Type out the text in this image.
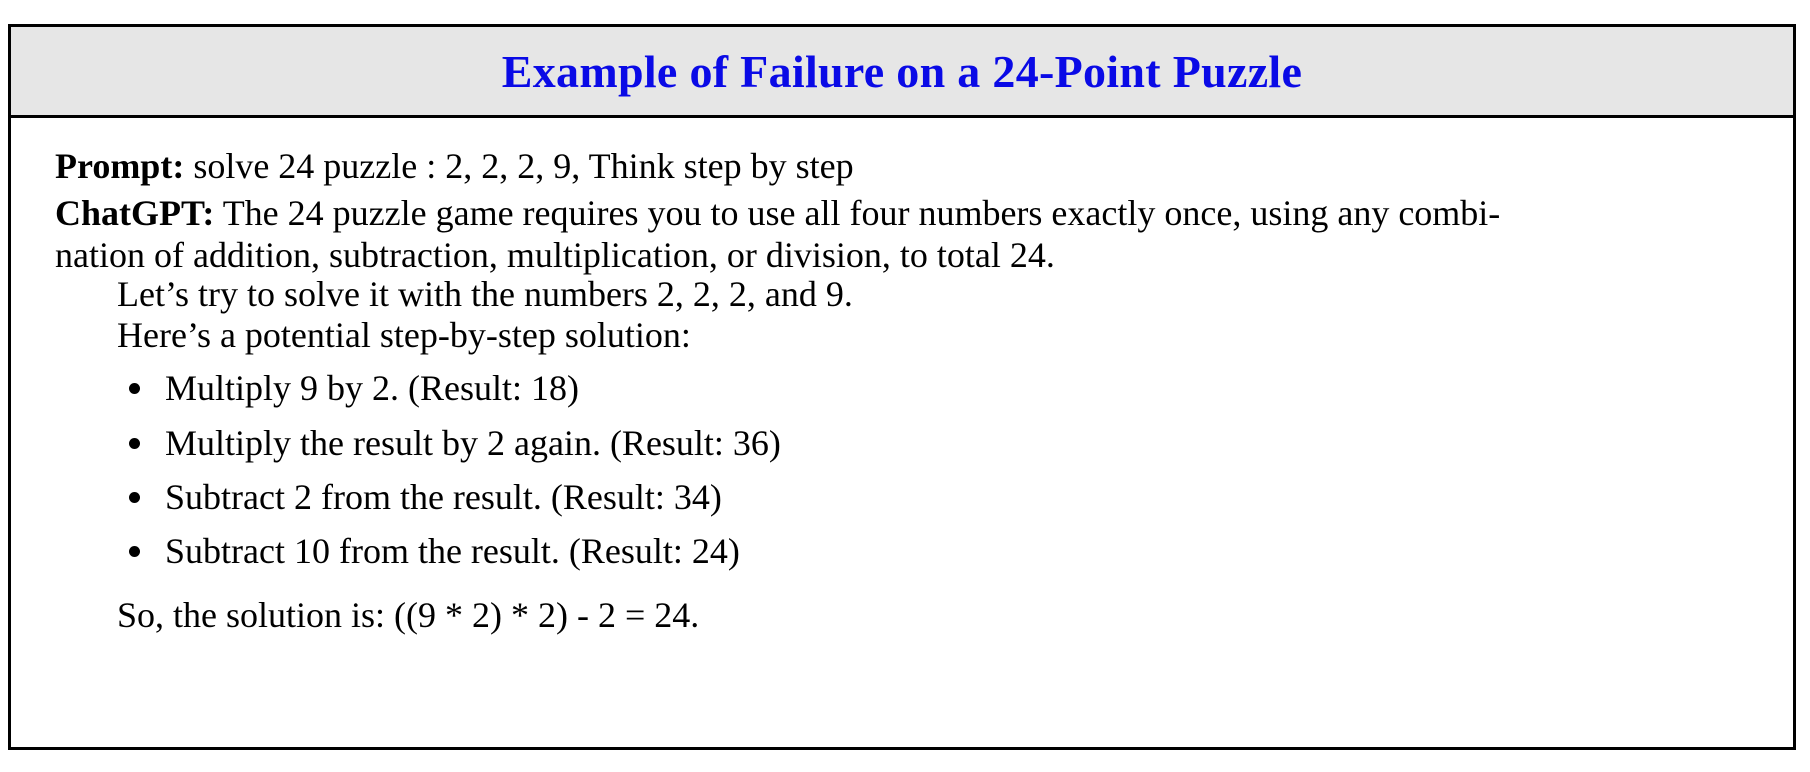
Example of Failure on a 24-Point Puzzle
Prompt: solve 24 puzzle : 2, 2, 2, 9, Think step by step
ChatGPT: The 24 puzzle game requires you to use all four numbers exactly once, using any combi-
nation of addition, subtraction, multiplication, or division, to total 24.
Let’s try to solve it with the numbers 2, 2, 2, and 9.
Here’s a potential step-by-step solution:
Multiply 9 by 2. (Result: 18)
Multiply the result by 2 again. (Result: 36)
Subtract 2 from the result. (Result: 34)
Subtract 10 from the result. (Result: 24)
So, the solution is: ((9 * 2) * 2) - 2 = 24.
